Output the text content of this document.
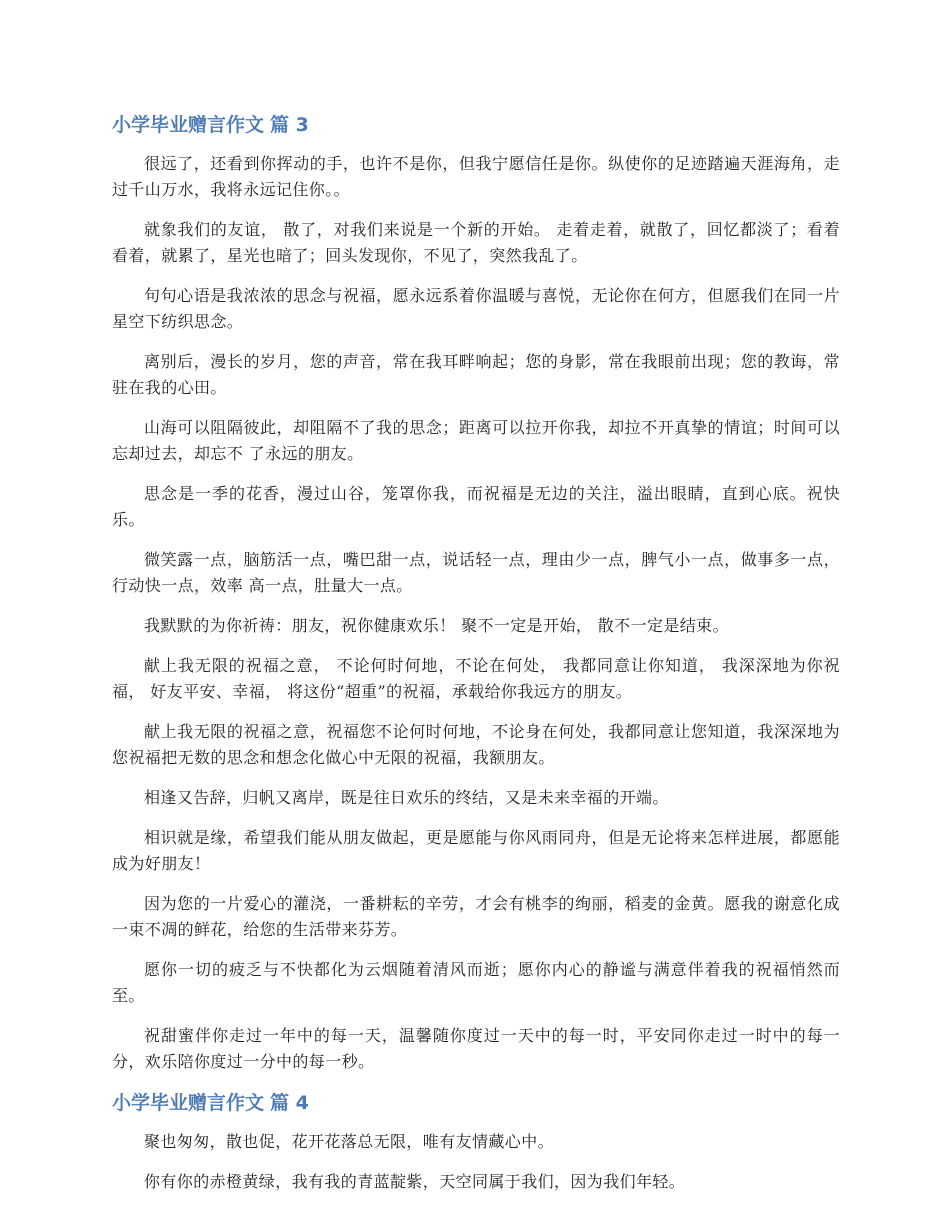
小学毕业赠言作文 篇 3

很远了，还看到你挥动的手，也许不是你，但我宁愿信任是你。纵使你的足迹踏遍天涯海角，走过千山万水，我将永远记住你。。

就象我们的友谊， 散了，对我们来说是一个新的开始。 走着走着，就散了，回忆都淡了；看着看着，就累了，星光也暗了；回头发现你，不见了，突然我乱了。

句句心语是我浓浓的思念与祝福，愿永远系着你温暖与喜悦，无论你在何方，但愿我们在同一片星空下纺织思念。

离别后，漫长的岁月，您的声音，常在我耳畔响起；您的身影，常在我眼前出现；您的教诲，常驻在我的心田。

山海可以阻隔彼此，却阻隔不了我的思念；距离可以拉开你我，却拉不开真挚的情谊；时间可以忘却过去，却忘不 了永远的朋友。

思念是一季的花香，漫过山谷，笼罩你我，而祝福是无边的关注，溢出眼睛，直到心底。祝快乐。

微笑露一点，脑筋活一点，嘴巴甜一点，说话轻一点，理由少一点，脾气小一点，做事多一点，行动快一点，效率 高一点，肚量大一点。

我默默的为你祈祷：朋友，祝你健康欢乐！ 聚不一定是开始， 散不一定是结束。

献上我无限的祝福之意， 不论何时何地，不论在何处， 我都同意让你知道， 我深深地为你祝福， 好友平安、幸福， 将这份“超重”的祝福，承载给你我远方的朋友。

献上我无限的祝福之意，祝福您不论何时何地，不论身在何处，我都同意让您知道，我深深地为您祝福把无数的思念和想念化做心中无限的祝福，我额朋友。

相逢又告辞，归帆又离岸，既是往日欢乐的终结，又是未来幸福的开端。

相识就是缘，希望我们能从朋友做起，更是愿能与你风雨同舟，但是无论将来怎样进展，都愿能成为好朋友！

因为您的一片爱心的灌浇，一番耕耘的辛劳，才会有桃李的绚丽，稻麦的金黄。愿我的谢意化成一束不凋的鲜花，给您的生活带来芬芳。

愿你一切的疲乏与不快都化为云烟随着清风而逝；愿你内心的静谧与满意伴着我的祝福悄然而至。

祝甜蜜伴你走过一年中的每一天，温馨随你度过一天中的每一时，平安同你走过一时中的每一分，欢乐陪你度过一分中的每一秒。

小学毕业赠言作文 篇 4

聚也匆匆，散也促，花开花落总无限，唯有友情藏心中。

你有你的赤橙黄绿，我有我的青蓝靛紫，天空同属于我们，因为我们年轻。
